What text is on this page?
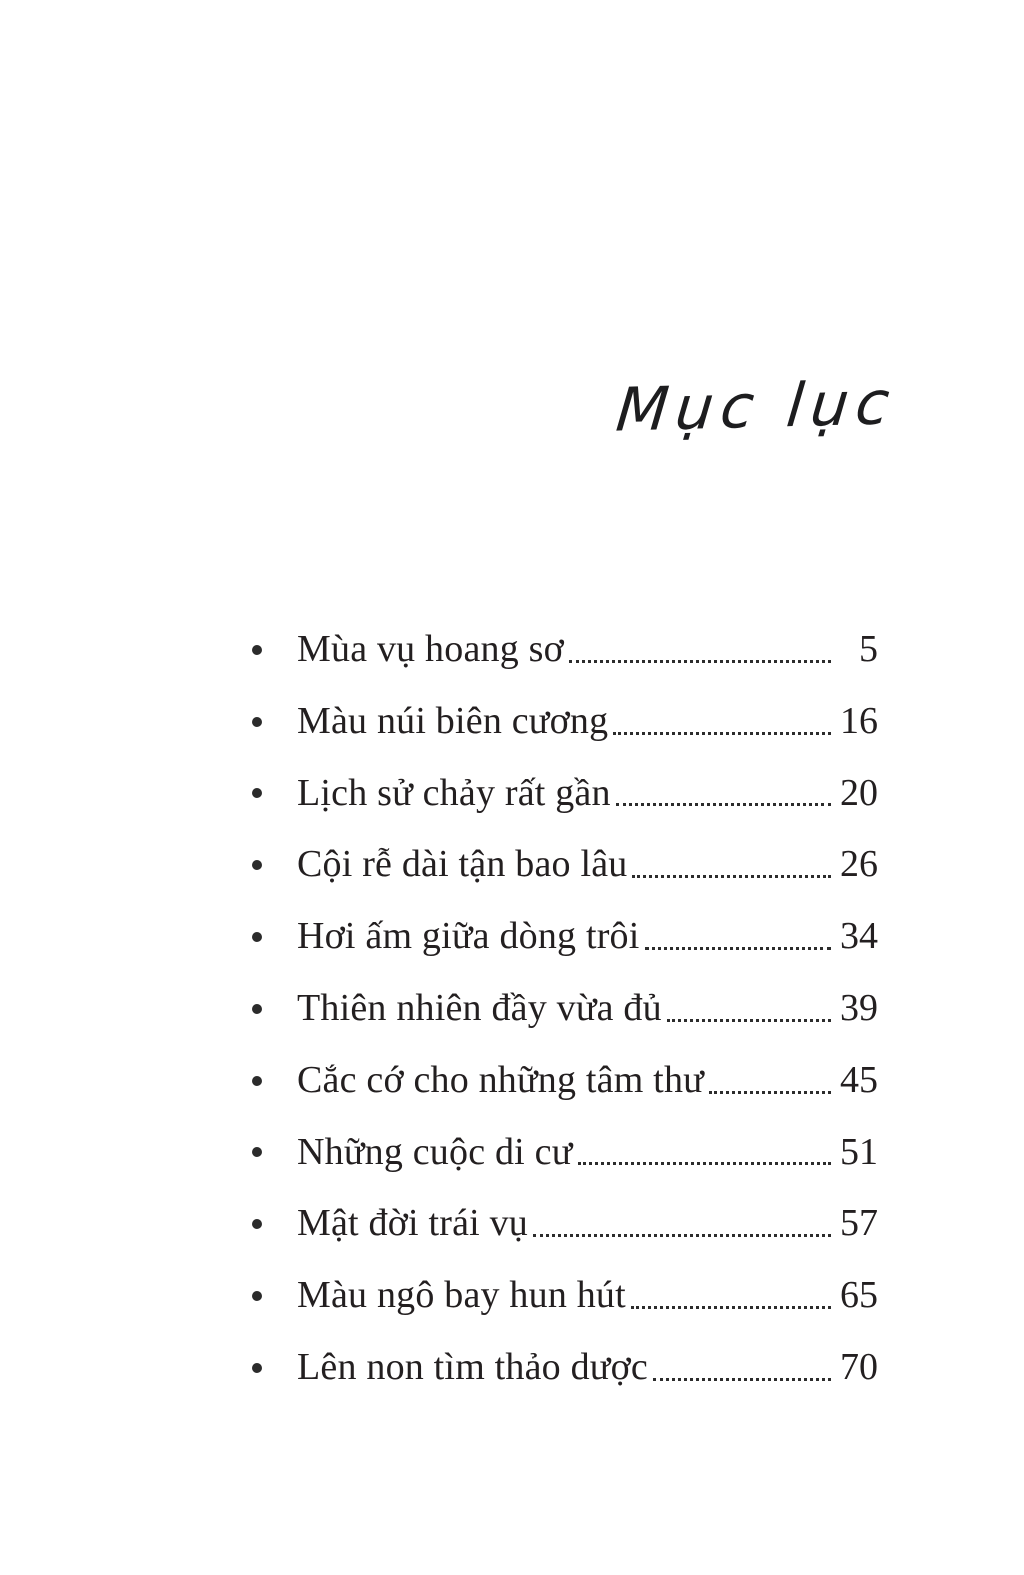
Mục lục
Mùa vụ hoang sơ	5
Màu núi biên cương	16
Lịch sử chảy rất gần	20
Cội rễ dài tận bao lâu	26
Hơi ấm giữa dòng trôi	34
Thiên nhiên đầy vừa đủ	39
Cắc cớ cho những tâm thư	45
Những cuộc di cư	51
Mật đời trái vụ	57
Màu ngô bay hun hút	65
Lên non tìm thảo dược	70
